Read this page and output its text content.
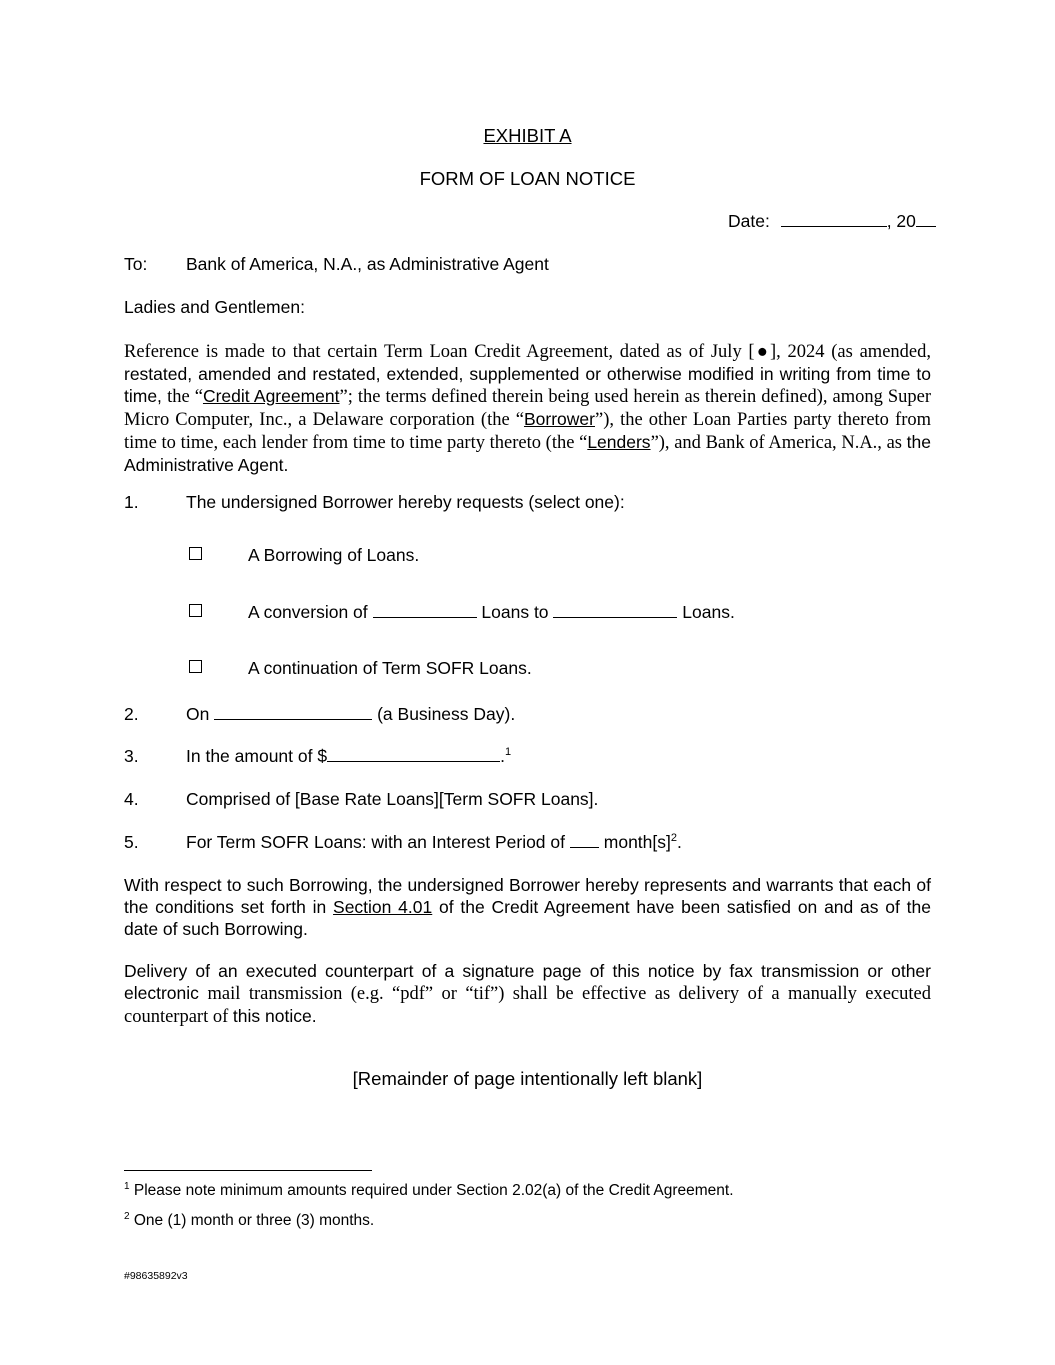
EXHIBIT A
FORM OF LOAN NOTICE
Date:	, 20
To: Bank of America, N.A., as Administrative Agent
Ladies and Gentlemen:
Reference is made to that certain Term Loan Credit Agreement, dated as of July [●], 2024 (as amended, restated, amended and restated, extended, supplemented or otherwise modified in writing from time to time, the “Credit Agreement”; the terms defined therein being used herein as therein defined), among Super Micro Computer, Inc., a Delaware corporation (the “Borrower”), the other Loan Parties party thereto from time to time, each lender from time to time party thereto (the “Lenders”), and Bank of America, N.A., as the Administrative Agent.
1.	The undersigned Borrower hereby requests (select one):
A Borrowing of Loans.
A conversion of	Loans to	Loans.
A continuation of Term SOFR Loans.
2.	On	(a Business Day).
3.	In the amount of $	.$^1$
4.	Comprised of [Base Rate Loans][Term SOFR Loans].
5.	For Term SOFR Loans: with an Interest Period of $month[s]^2$.
With respect to such Borrowing, the undersigned Borrower hereby represents and warrants that each of the conditions set forth in Section 4.01 of the Credit Agreement have been satisfied on and as of the date of such Borrowing.
Delivery of an executed counterpart of a signature page of this notice by fax transmission or other electronic mail transmission (e.g. “pdf” or “tif”) shall be effective as delivery of a manually executed counterpart of this notice.
[Remainder of page intentionally left blank]
$^1$ Please note minimum amounts required under Section 2.02(a) of the Credit Agreement.
$^2$ One (1) month or three (3) months.
#98635892v3
